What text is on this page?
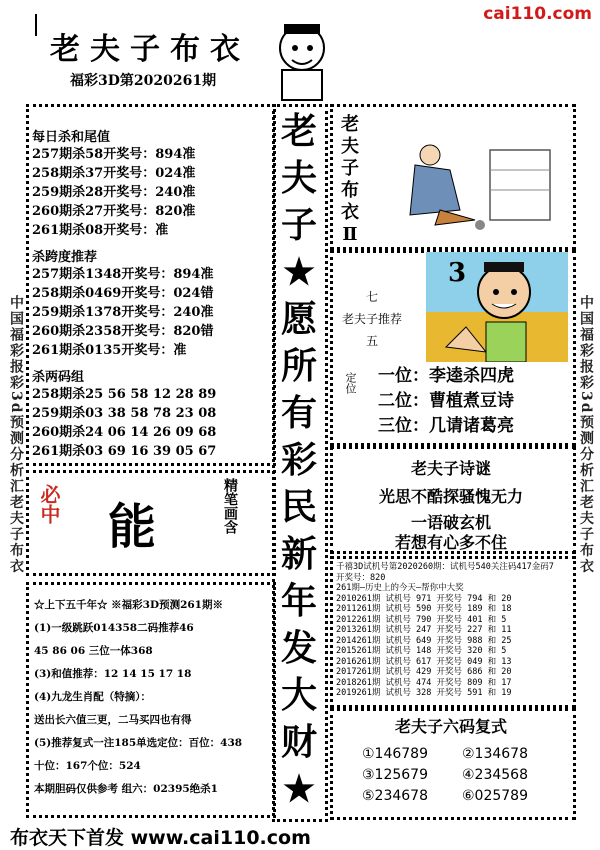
cai110.com
老夫子布衣
福彩3D第2020261期
中国福彩报彩3d预测分析汇老夫子布衣	中国福彩报彩3d预测分析汇老夫子布衣
每日杀和尾值
257期杀58开奖号：894准
258期杀37开奖号：024准
259期杀28开奖号：240准
260期杀27开奖号：820准
261期杀08开奖号：准
杀跨度推荐
257期杀1348开奖号：894准
258期杀0469开奖号：024错
259期杀1378开奖号：240准
260期杀2358开奖号：820错
261期杀0135开奖号：准
杀两码组
258期杀25 56 58 12 28 89
259期杀03 38 58 78 23 08
260期杀24 06 14 26 09 68
261期杀03 69 16 39 05 67
必中 能	精笔画含
☆上下五千年☆ ※福彩3D预测261期※
(1)一级跳跃014358二码推荐46
45 86 06 三位一体368
(3)和值推荐：12 14 15 17 18
(4)九龙生肖配（特摘）：
送出长六值三更，二马买四也有得
(5)推荐复式一注185单选定位：百位：438
十位：167个位：524
本期胆码仅供参考 组六：02395绝杀1
老
夫
子
★
愿
所
有
彩
民
新
年
发
大
财
★
老
夫
子
布
衣
Ⅱ
七
老夫子推荐
五
3
定位 一位：李逵杀四虎
二位：曹植煮豆诗
三位：几请诸葛亮
老夫子诗谜
光思不酷探骚愧无力
一语破玄机
若想有心多不住
千禧3D试机号第2020260期：试机号540关注码417金码7
开奖号：820
261期—历史上的今天—帮你中大奖
2010261期 试机号 971 开奖号 794 和 20
2011261期 试机号 590 开奖号 189 和 18
2012261期 试机号 790 开奖号 401 和 5
2013261期 试机号 247 开奖号 227 和 11
2014261期 试机号 649 开奖号 988 和 25
2015261期 试机号 148 开奖号 320 和 5
2016261期 试机号 617 开奖号 049 和 13
2017261期 试机号 429 开奖号 686 和 20
2018261期 试机号 474 开奖号 809 和 17
2019261期 试机号 328 开奖号 591 和 19
老夫子六码复式
①146789 ②134678
③125679 ④234568
⑤234678 ⑥025789
布衣天下首发 www.cai110.com
